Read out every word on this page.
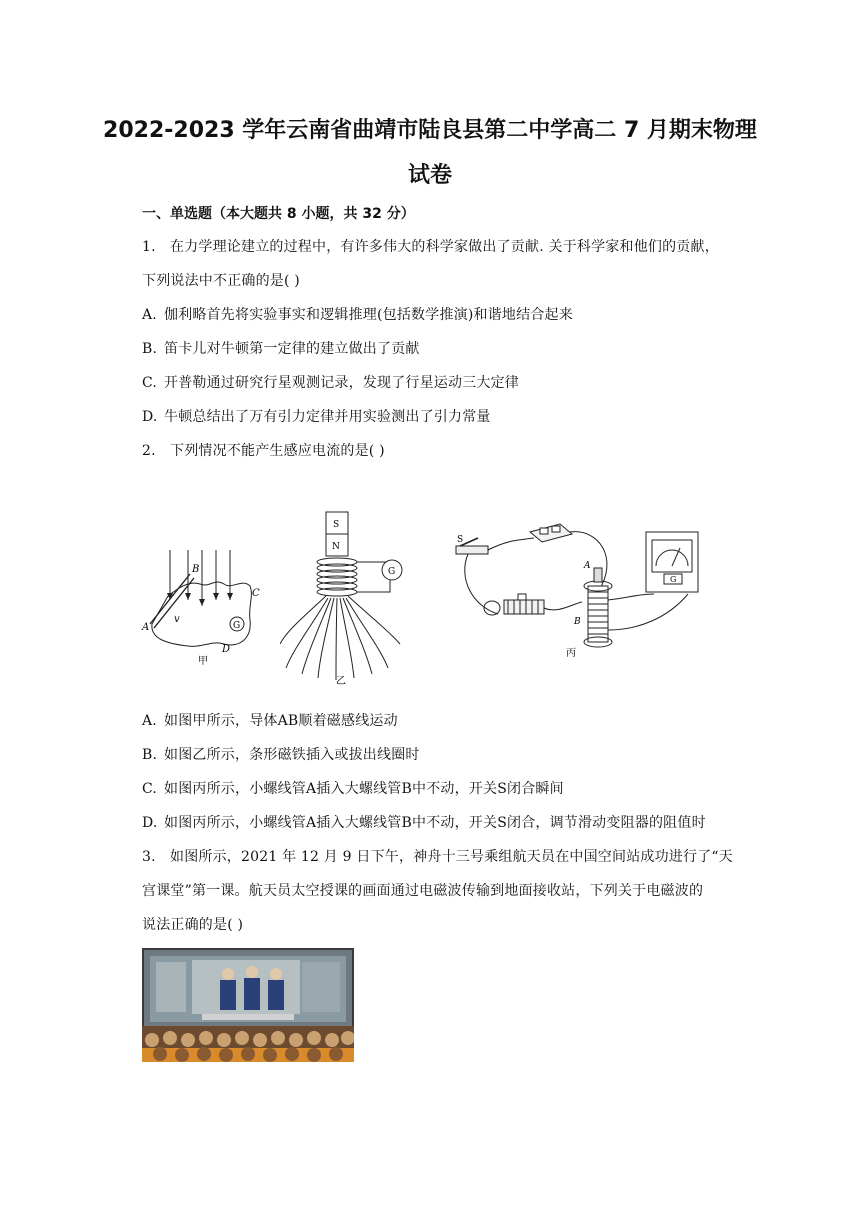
2022-2023 学年云南省曲靖市陆良县第二中学高二 7 月期末物理
试卷
一、单选题（本大题共 8 小题，共 32 分）
1. 在力学理论建立的过程中，有许多伟大的科学家做出了贡献. 关于科学家和他们的贡献，
下列说法中不正确的是( )
A. 伽利略首先将实验事实和逻辑推理(包括数学推演)和谐地结合起来
B. 笛卡儿对牛顿第一定律的建立做出了贡献
C. 开普勒通过研究行星观测记录，发现了行星运动三大定律
D. 牛顿总结出了万有引力定律并用实验测出了引力常量
2. 下列情况不能产生感应电流的是( )
A
B
C
D
v
G
甲
S
N
G
乙
S
A
B
G
丙
A. 如图甲所示，导体AB顺着磁感线运动
B. 如图乙所示，条形磁铁插入或拔出线圈时
C. 如图丙所示，小螺线管A插入大螺线管B中不动，开关S闭合瞬间
D. 如图丙所示，小螺线管A插入大螺线管B中不动，开关S闭合，调节滑动变阻器的阻值时
3. 如图所示，2021 年 12 月 9 日下午，神舟十三号乘组航天员在中国空间站成功进行了“天
宫课堂”第一课。航天员太空授课的画面通过电磁波传输到地面接收站，下列关于电磁波的
说法正确的是( )
